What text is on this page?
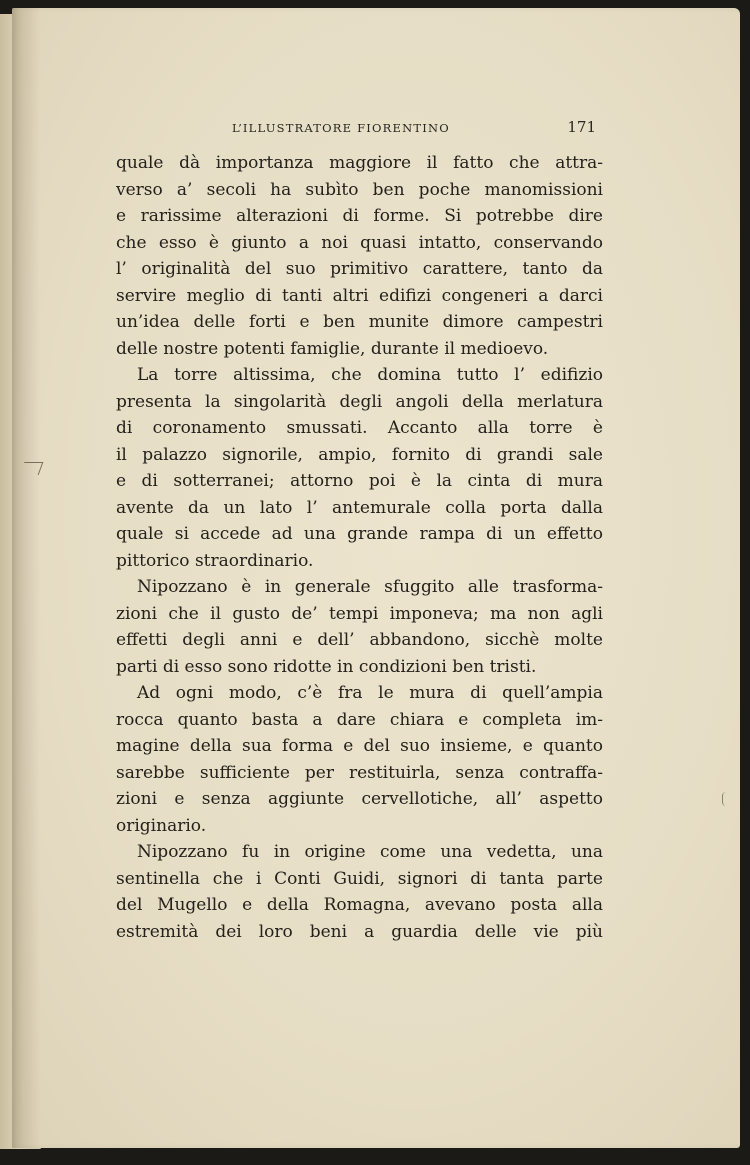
L’ILLUSTRATORE FIORENTINO	171
quale dà importanza maggiore il fatto che attra-
verso a’ secoli ha subìto ben poche manomissioni
e rarissime alterazioni di forme. Si potrebbe dire
che esso è giunto a noi quasi intatto, conservando
l’ originalità del suo primitivo carattere, tanto da
servire meglio di tanti altri edifizi congeneri a darci
un’idea delle forti e ben munite dimore campestri
delle nostre potenti famiglie, durante il medioevo.
La torre altissima, che domina tutto l’ edifizio
presenta la singolarità degli angoli della merlatura
di coronamento smussati. Accanto alla torre è
il palazzo signorile, ampio, fornito di grandi sale
e di sotterranei; attorno poi è la cinta di mura
avente da un lato l’ antemurale colla porta dalla
quale si accede ad una grande rampa di un effetto
pittorico straordinario.
Nipozzano è in generale sfuggito alle trasforma-
zioni che il gusto de’ tempi imponeva; ma non agli
effetti degli anni e dell’ abbandono, sicchè molte
parti di esso sono ridotte in condizioni ben tristi.
Ad ogni modo, c’è fra le mura di quell’ampia
rocca quanto basta a dare chiara e completa im-
magine della sua forma e del suo insieme, e quanto
sarebbe sufficiente per restituirla, senza contraffa-
zioni e senza aggiunte cervellotiche, all’ aspetto
originario.
Nipozzano fu in origine come una vedetta, una
sentinella che i Conti Guidi, signori di tanta parte
del Mugello e della Romagna, avevano posta alla
estremità dei loro beni a guardia delle vie più
